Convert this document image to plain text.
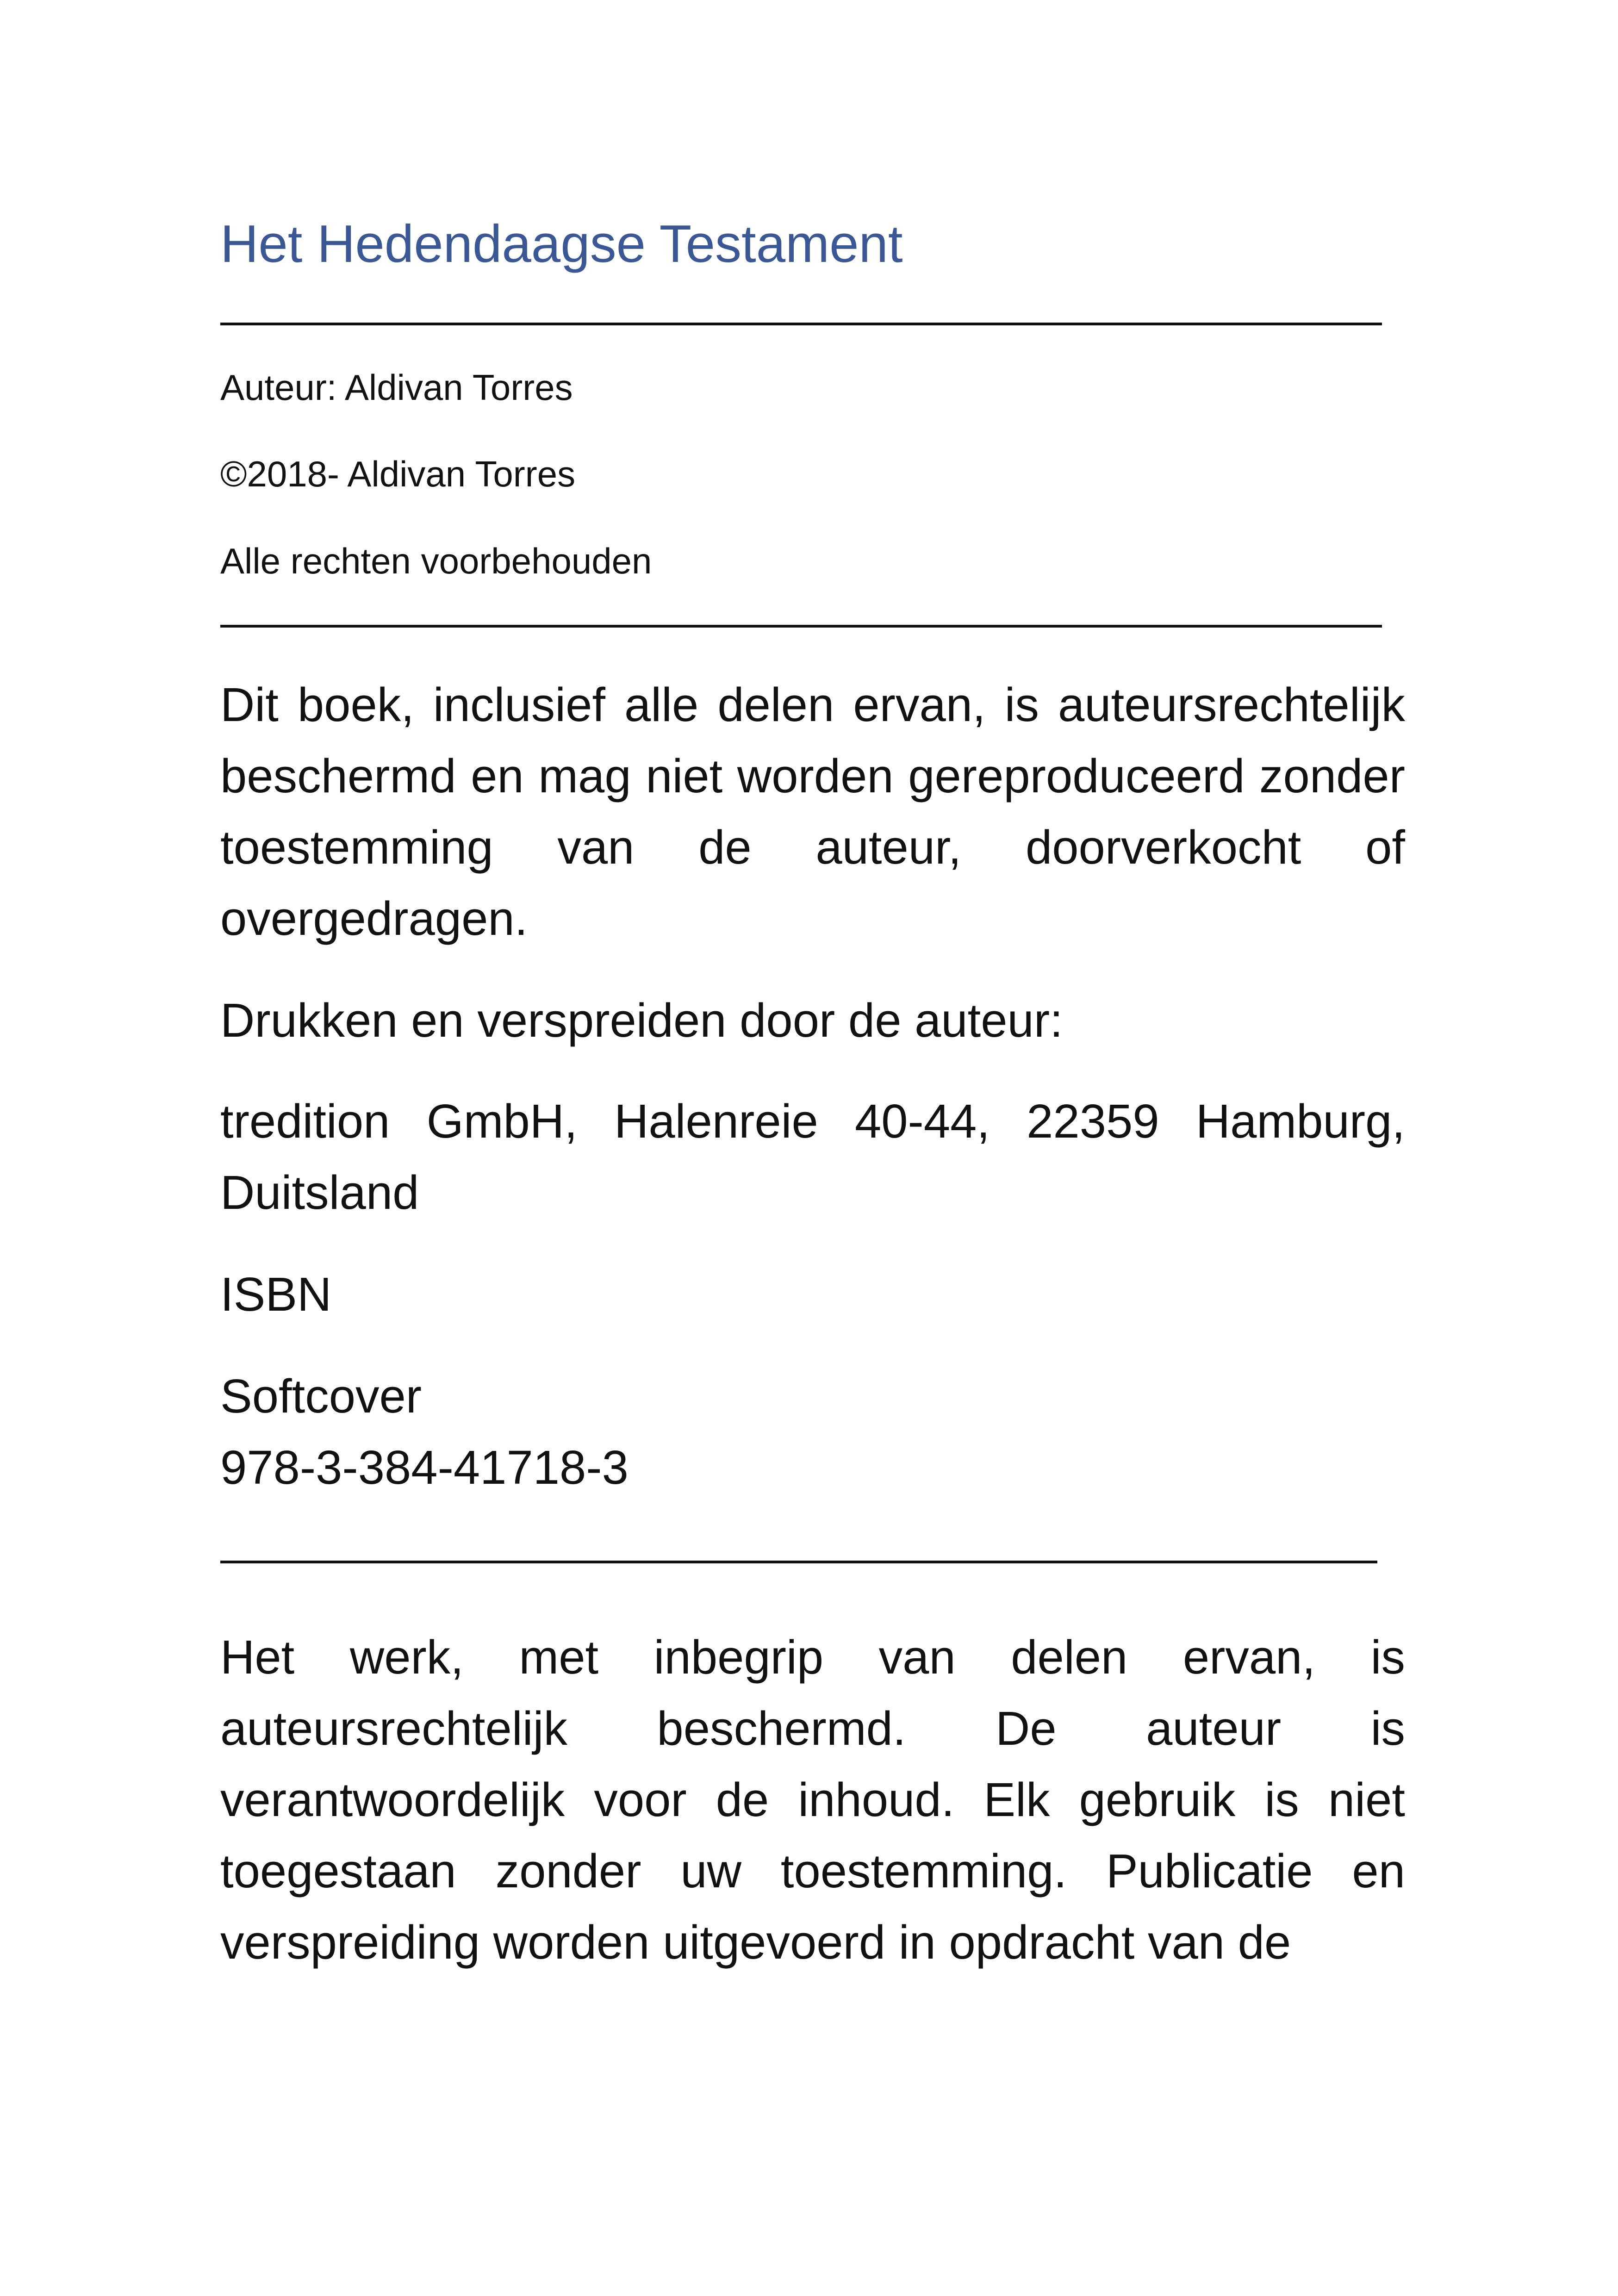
Het Hedendaagse Testament

Auteur: Aldivan Torres

©2018- Aldivan Torres

Alle rechten voorbehouden

Dit boek, inclusief alle delen ervan, is auteursrechtelijk beschermd en mag niet worden gereproduceerd zonder toestemming van de auteur, doorverkocht of overgedragen.

Drukken en verspreiden door de auteur:

tredition GmbH, Halenreie 40-44, 22359 Hamburg, Duitsland

ISBN

Softcover

978-3-384-41718-3

Het werk, met inbegrip van delen ervan, is auteursrechtelijk beschermd. De auteur is verantwoordelijk voor de inhoud. Elk gebruik is niet toegestaan zonder uw toestemming. Publicatie en verspreiding worden uitgevoerd in opdracht van de
